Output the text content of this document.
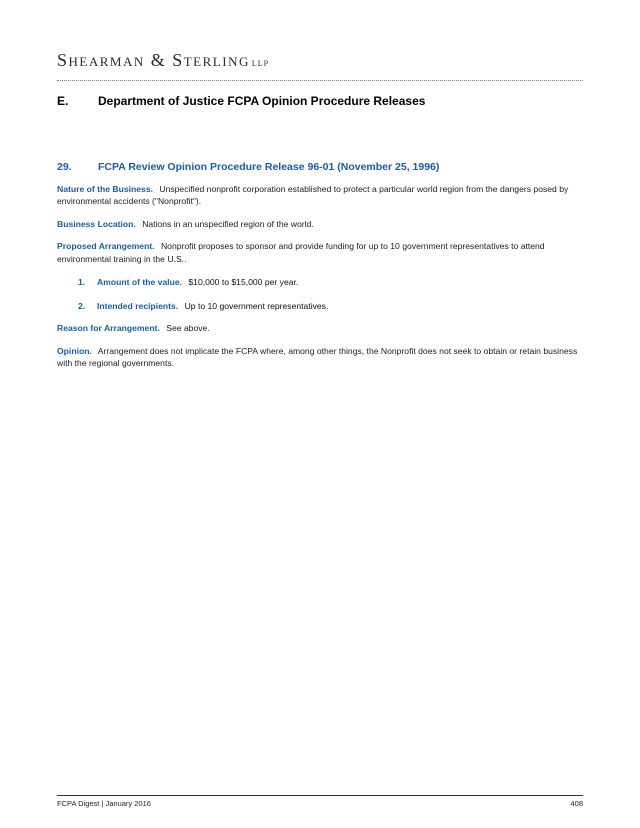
Shearman & Sterling LLP
E.	Department of Justice FCPA Opinion Procedure Releases
29.	FCPA Review Opinion Procedure Release 96-01 (November 25, 1996)

Nature of the Business. Unspecified nonprofit corporation established to protect a particular world region from the dangers posed by environmental accidents ("Nonprofit").

Business Location. Nations in an unspecified region of the world.

Proposed Arrangement. Nonprofit proposes to sponsor and provide funding for up to 10 government representatives to attend environmental training in the U.S..

1.	Amount of the value. $10,000 to $15,000 per year.
2.	Intended recipients. Up to 10 government representatives.

Reason for Arrangement. See above.

Opinion. Arrangement does not implicate the FCPA where, among other things, the Nonprofit does not seek to obtain or retain business with the regional governments.

FCPA Digest | January 2016	408
